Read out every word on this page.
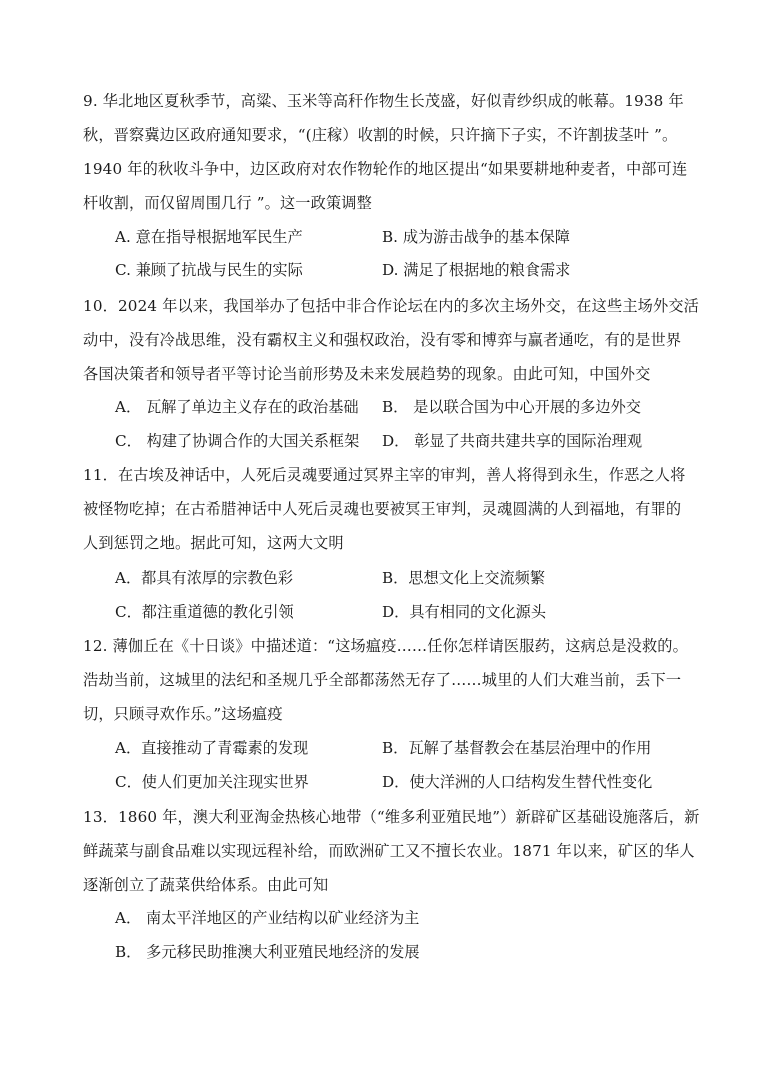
9. 华北地区夏秋季节，高粱、玉米等高秆作物生长茂盛，好似青纱织成的帐幕。1938 年
秋，晋察冀边区政府通知要求，“(庄稼）收割的时候，只许摘下子实，不许割拔茎叶 ”。
1940 年的秋收斗争中，边区政府对农作物轮作的地区提出“如果要耕地种麦者，中部可连
杆收割，而仅留周围几行 ”。这一政策调整
A. 意在指导根据地军民生产	B. 成为游击战争的基本保障
C. 兼顾了抗战与民生的实际	D. 满足了根据地的粮食需求
10．2024 年以来，我国举办了包括中非合作论坛在内的多次主场外交，在这些主场外交活
动中，没有冷战思维，没有霸权主义和强权政治，没有零和博弈与赢者通吃，有的是世界
各国决策者和领导者平等讨论当前形势及未来发展趋势的现象。由此可知，中国外交
A． 瓦解了单边主义存在的政治基础 B． 是以联合国为中心开展的多边外交
C． 构建了协调合作的大国关系框架 D． 彰显了共商共建共享的国际治理观
11．在古埃及神话中，人死后灵魂要通过冥界主宰的审判，善人将得到永生，作恶之人将
被怪物吃掉；在古希腊神话中人死后灵魂也要被冥王审判，灵魂圆满的人到福地，有罪的
人到惩罚之地。据此可知，这两大文明
A．都具有浓厚的宗教色彩	B．思想文化上交流频繁
C．都注重道德的教化引领	D．具有相同的文化源头
12. 薄伽丘在《十日谈》中描述道：“这场瘟疫……任你怎样请医服药，这病总是没救的。
浩劫当前，这城里的法纪和圣规几乎全部都荡然无存了……城里的人们大难当前，丢下一
切，只顾寻欢作乐。”这场瘟疫
A．直接推动了青霉素的发现	B．瓦解了基督教会在基层治理中的作用
C．使人们更加关注现实世界	D．使大洋洲的人口结构发生替代性变化
13．1860 年，澳大利亚淘金热核心地带（“维多利亚殖民地”）新辟矿区基础设施落后，新
鲜蔬菜与副食品难以实现远程补给，而欧洲矿工又不擅长农业。1871 年以来，矿区的华人
逐渐创立了蔬菜供给体系。由此可知
A． 南太平洋地区的产业结构以矿业经济为主
B． 多元移民助推澳大利亚殖民地经济的发展
